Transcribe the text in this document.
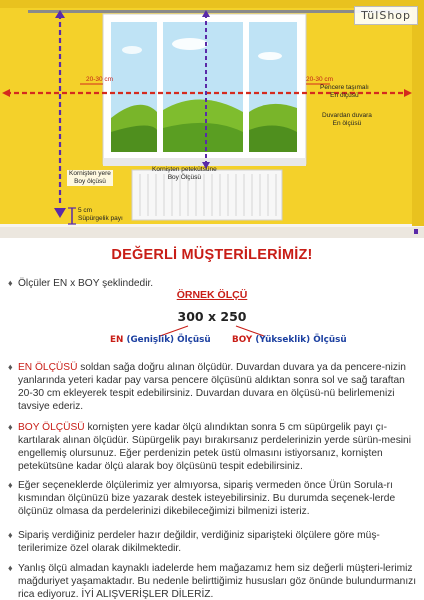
TülShop
20-30 cm	20-30 cm
Pencere taşımalı
En ölçüsü
Duvardan duvara
En ölçüsü
Kornişten yere
Boy ölçüsü
Kornişten petekütsüne
Boy Ölçüsü
5 cm
Süpürgelik payı
DEĞERLİ MÜŞTERİLERİMİZ!
♦ Ölçüler EN x BOY şeklindedir.
ÖRNEK ÖLÇÜ
300 x 250
EN (Genişlik) Ölçüsü BOY (Yükseklik) Ölçüsü
♦ EN ÖLÇÜSÜ soldan sağa doğru alınan ölçüdür. Duvardan duvara ya da pencere-nizin yanlarında yeteri kadar pay varsa pencere ölçüsünü aldıktan sonra sol ve sağ taraftan 20-30 cm ekleyerek tespit edebilirsiniz. Duvardan duvara en ölçüsü-nü belirlemenizi tavsiye ederiz.
♦ BOY ÖLÇÜSÜ kornişten yere kadar ölçü alındıktan sonra 5 cm süpürgelik payı çı-kartılarak alınan ölçüdür. Süpürgelik payı bırakırsanız perdelerinizin yerde sürün-mesini engellemiş olursunuz. Eğer perdenizin petek üstü olmasını istiyorsanız, kornişten petekütsüne kadar ölçü alarak boy ölçüsünü tespit edebilirsiniz.
♦ Eğer seçeneklerde ölçülerimiz yer almıyorsa, sipariş vermeden önce Ürün Sorula-rı kısmından ölçünüzü bize yazarak destek isteyebilirsiniz. Bu durumda seçenek-lerde ölçünüz olmasa da perdelerinizi dikebileceğimizi bilmenizi isteriz.
♦ Sipariş verdiğiniz perdeler hazır değildir, verdiğiniz siparişteki ölçülere göre müş-terilerimize özel olarak dikilmektedir.
♦ Yanlış ölçü almadan kaynaklı iadelerde hem mağazamız hem siz değerli müşteri-lerimiz mağduriyet yaşamaktadır. Bu nedenle belirttiğimiz hususları göz önünde bulundurmanızı rica ediyoruz. İYİ ALIŞVERİŞLER DİLERİZ.
